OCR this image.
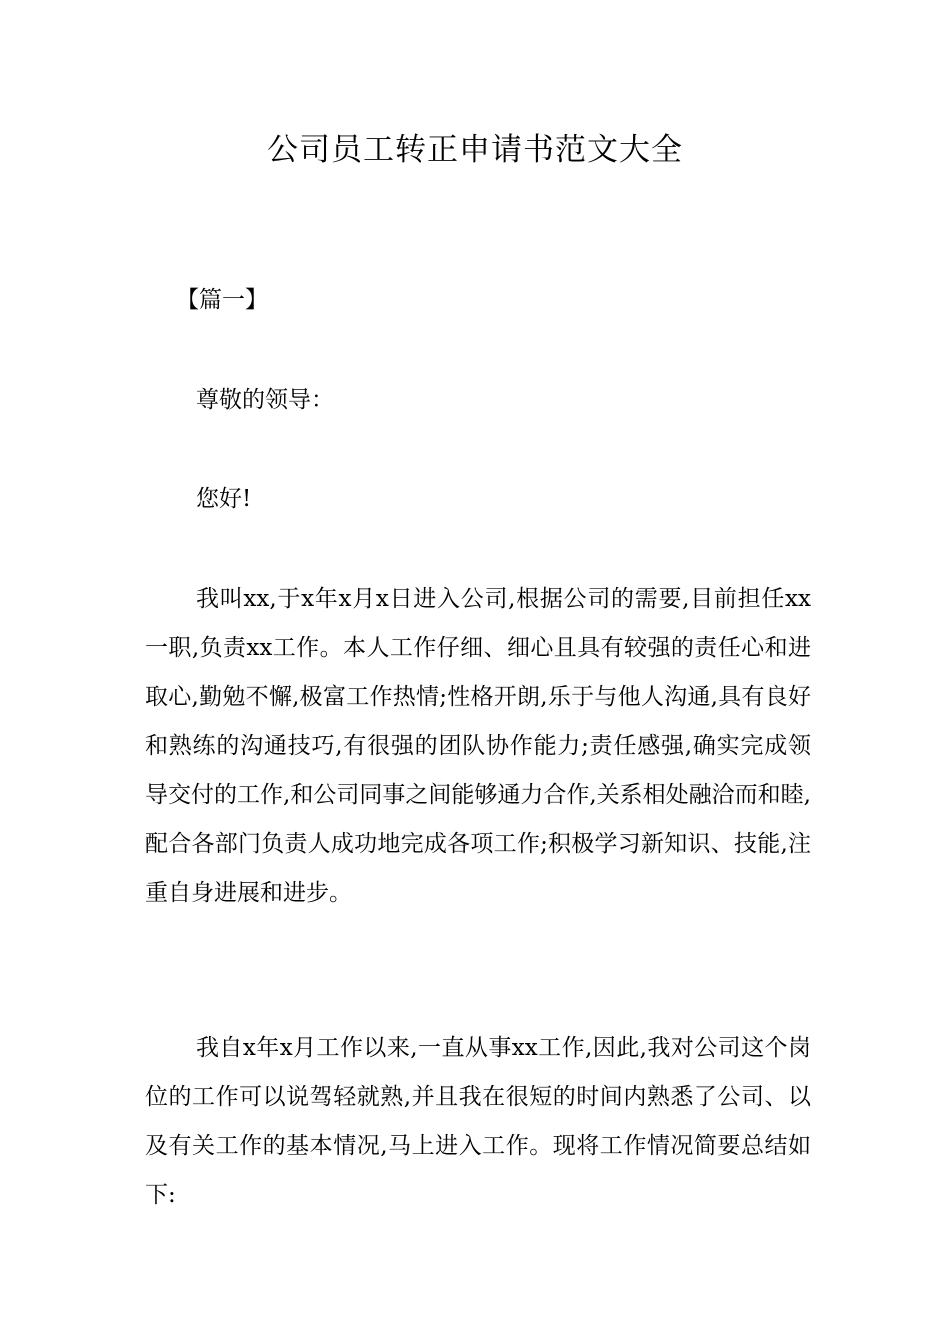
公司员工转正申请书范文大全

【篇一】

尊敬的领导：

您好!

我叫xx,于x年x月x日进入公司,根据公司的需要,目前担任xx一职,负责xx工作。本人工作仔细、细心且具有较强的责任心和进取心,勤勉不懈,极富工作热情;性格开朗,乐于与他人沟通,具有良好和熟练的沟通技巧,有很强的团队协作能力;责任感强,确实完成领导交付的工作,和公司同事之间能够通力合作,关系相处融洽而和睦,配合各部门负责人成功地完成各项工作;积极学习新知识、技能,注重自身进展和进步。

我自x年x月工作以来,一直从事xx工作,因此,我对公司这个岗位的工作可以说驾轻就熟,并且我在很短的时间内熟悉了公司、以及有关工作的基本情况,马上进入工作。现将工作情况简要总结如下:
